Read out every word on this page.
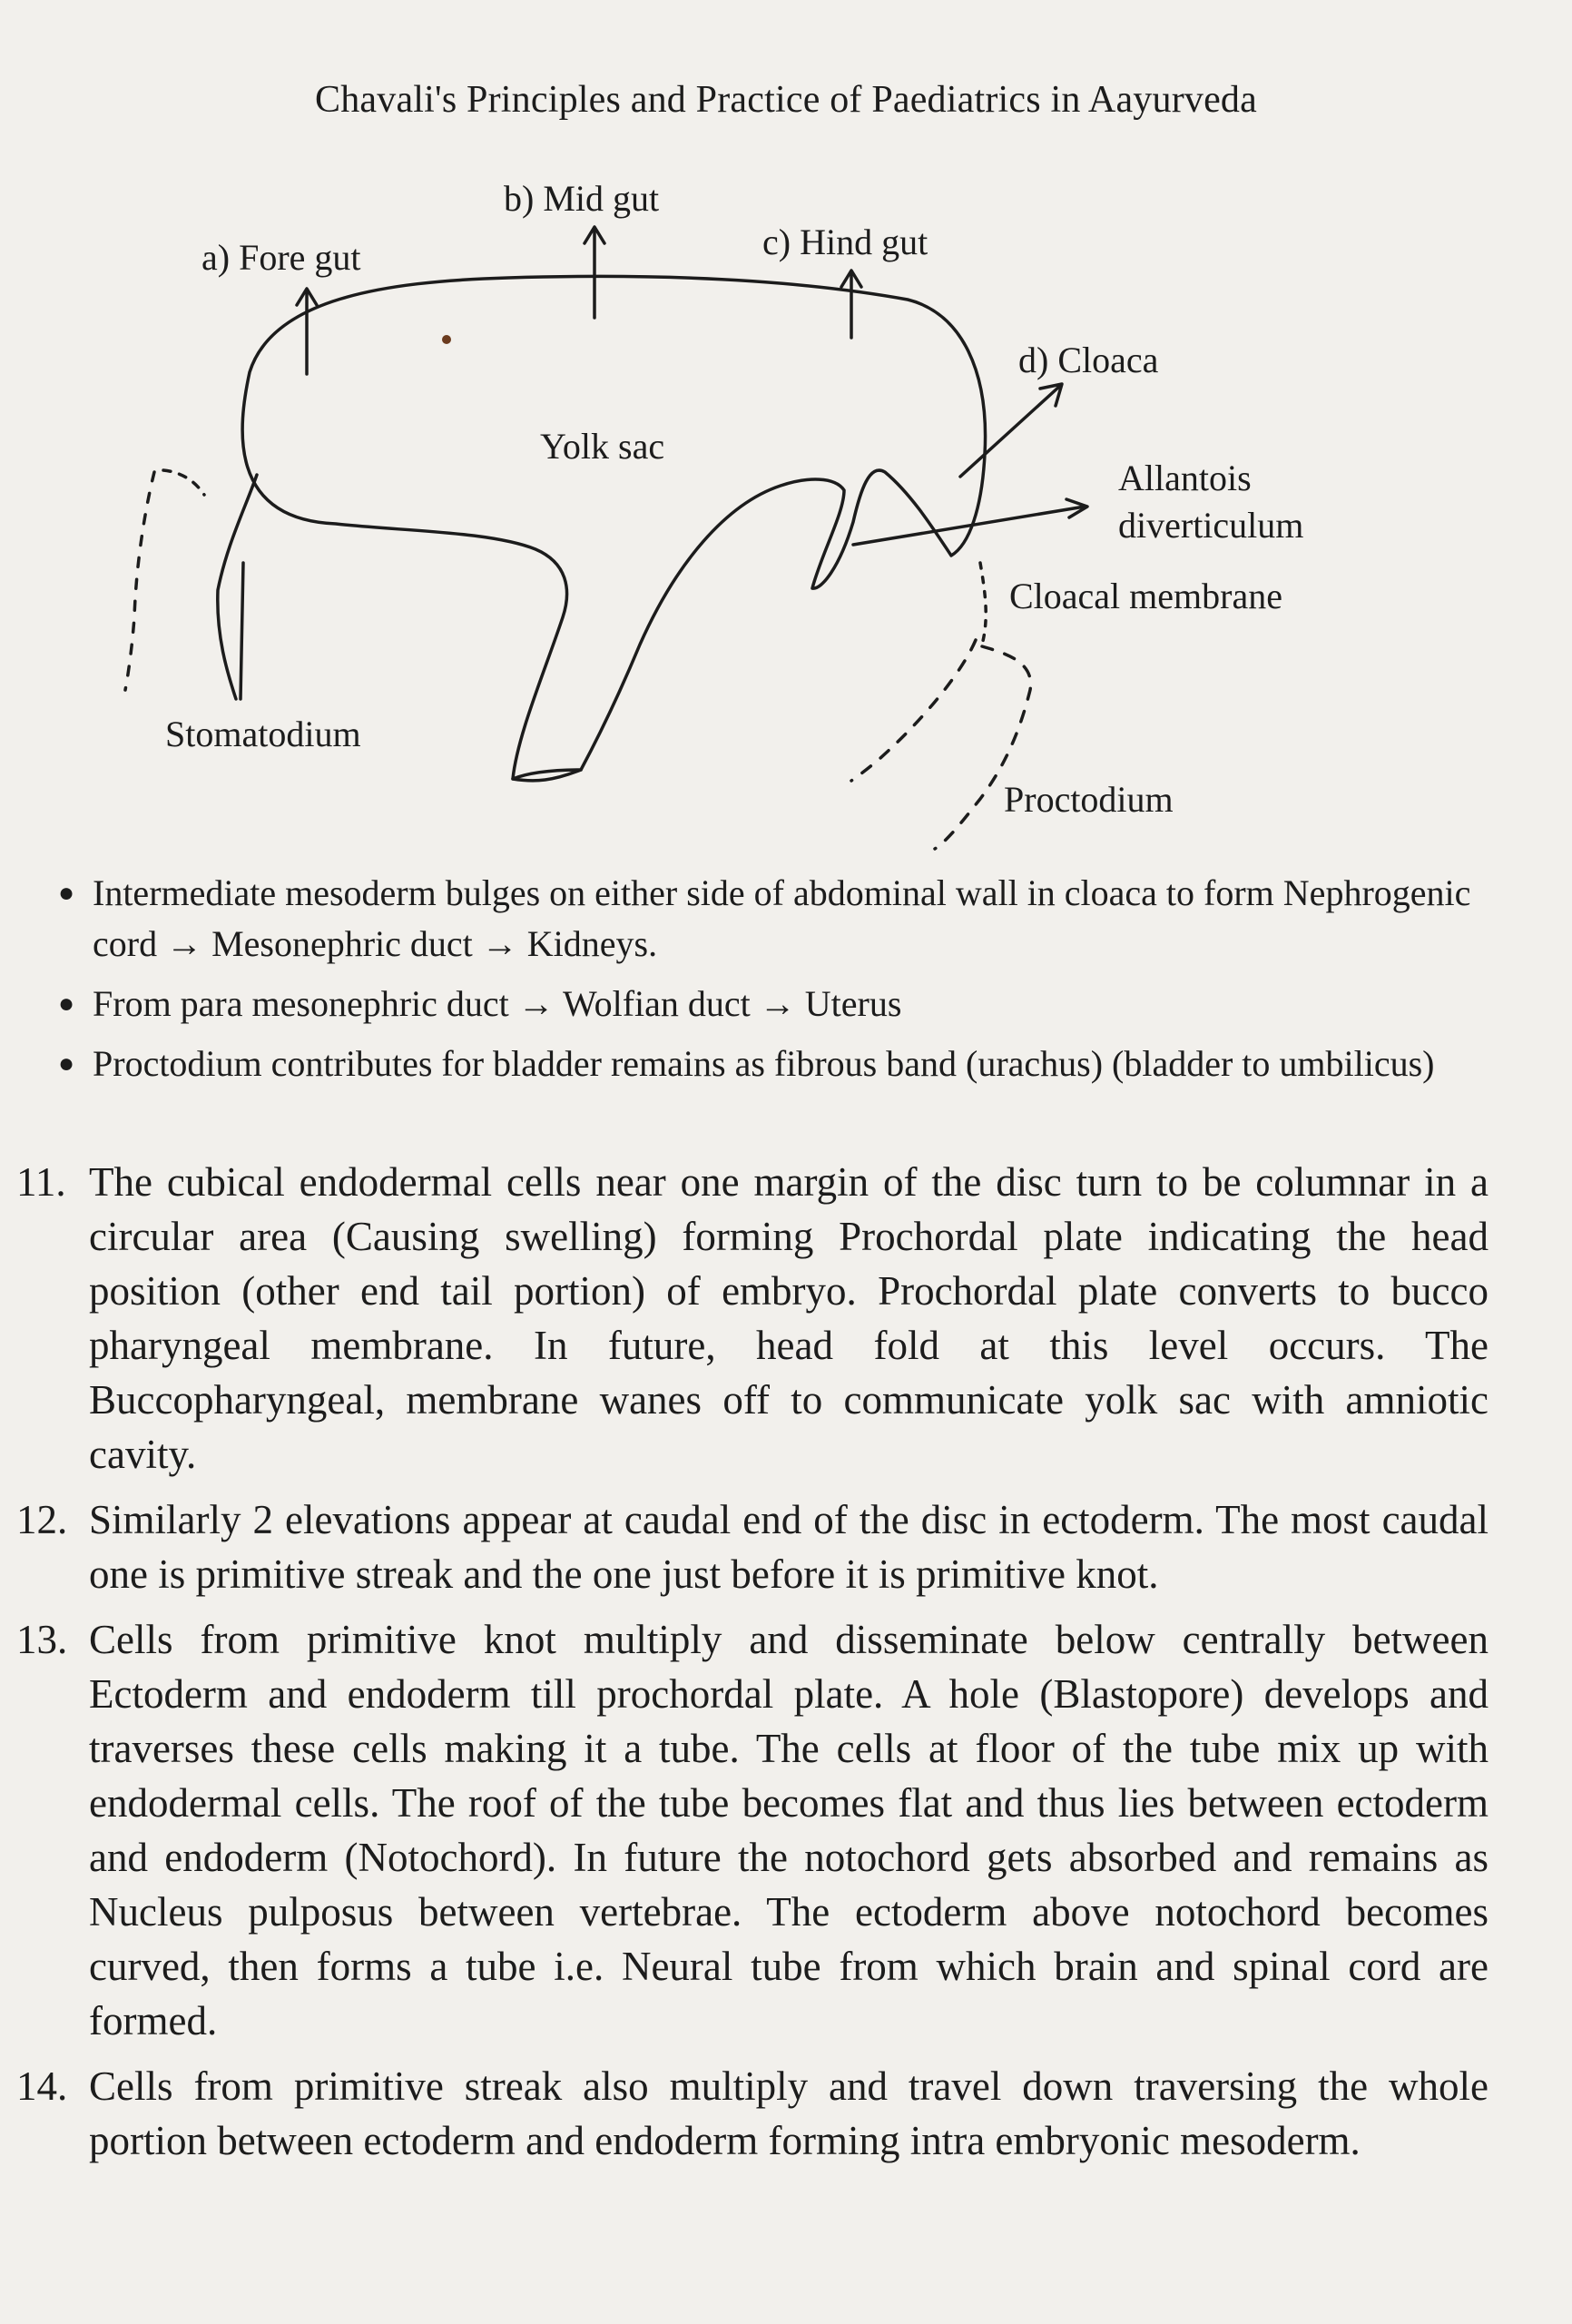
Chavali's Principles and Practice of Paediatrics in Aayurveda
a) Fore gut
b) Mid gut
c) Hind gut
d) Cloaca
Yolk sac
Allantois
diverticulum
Cloacal membrane
Stomatodium
Proctodium
● Intermediate mesoderm bulges on either side of abdominal wall in cloaca to form Nephrogenic cord → Mesonephric duct → Kidneys.
● From para mesonephric duct → Wolfian duct → Uterus
● Proctodium contributes for bladder remains as fibrous band (urachus) (bladder to umbilicus)
11. The cubical endodermal cells near one margin of the disc turn to be columnar in a circular area (Causing swelling) forming Prochordal plate indicating the head position (other end tail portion) of embryo. Prochordal plate converts to bucco pharyngeal membrane. In future, head fold at this level occurs. The Buccopharyngeal, membrane wanes off to communicate yolk sac with amniotic cavity.
12. Similarly 2 elevations appear at caudal end of the disc in ectoderm. The most caudal one is primitive streak and the one just before it is primitive knot.
13. Cells from primitive knot multiply and disseminate below centrally between Ectoderm and endoderm till prochordal plate. A hole (Blastopore) develops and traverses these cells making it a tube. The cells at floor of the tube mix up with endodermal cells. The roof of the tube becomes flat and thus lies between ectoderm and endoderm (Notochord). In future the notochord gets absorbed and remains as Nucleus pulposus between vertebrae. The ectoderm above notochord becomes curved, then forms a tube i.e. Neural tube from which brain and spinal cord are formed.
14. Cells from primitive streak also multiply and travel down traversing the whole portion between ectoderm and endoderm forming intra embryonic mesoderm.
